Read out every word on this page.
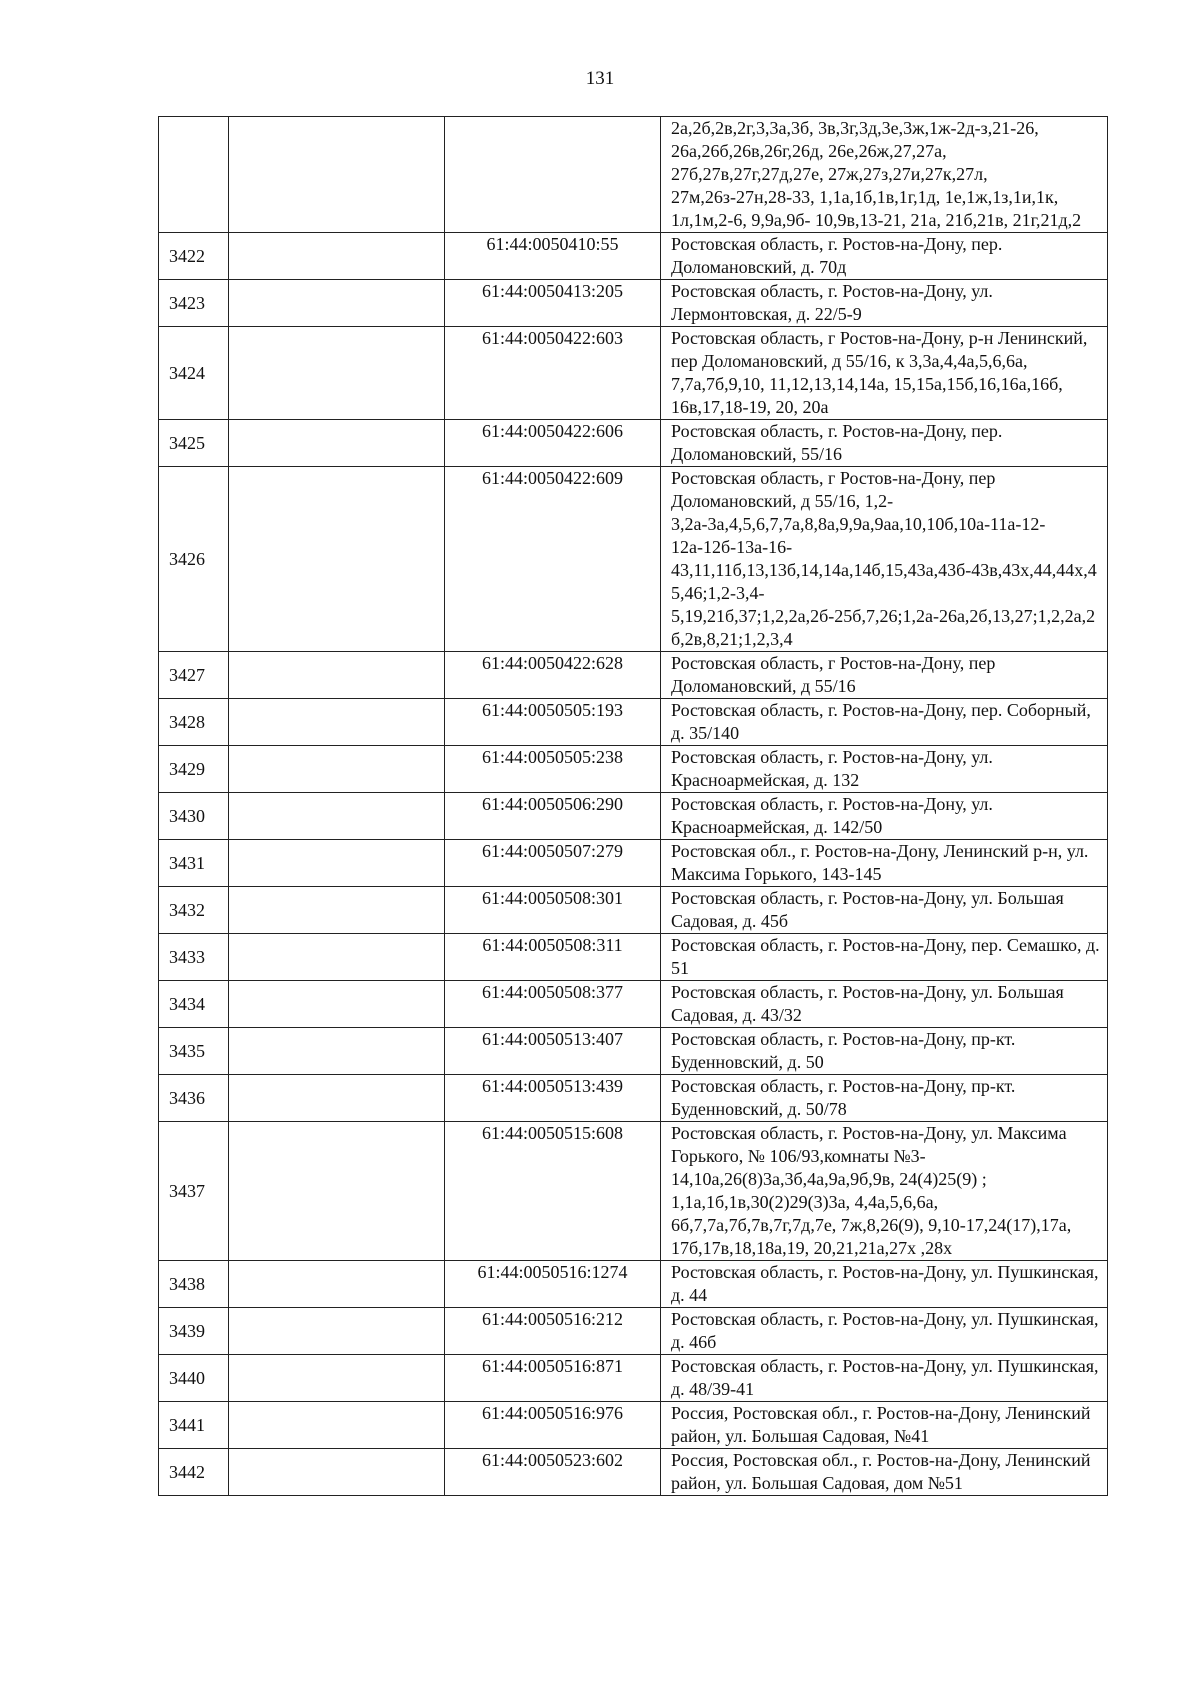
131
			2а,2б,2в,2г,3,3а,3б, 3в,3г,3д,3е,3ж,1ж-2д-з,21-26, 26а,26б,26в,26г,26д, 26е,26ж,27,27а, 27б,27в,27г,27д,27е, 27ж,27з,27и,27к,27л, 27м,26з-27н,28-33, 1,1а,1б,1в,1г,1д, 1е,1ж,1з,1и,1к, 1л,1м,2-6, 9,9а,9б- 10,9в,13-21, 21а, 21б,21в, 21г,21д,2
3422		61:44:0050410:55	Ростовская область, г. Ростов-на-Дону, пер. Доломановский, д. 70д
3423		61:44:0050413:205	Ростовская область, г. Ростов-на-Дону, ул. Лермонтовская, д. 22/5-9
3424		61:44:0050422:603	Ростовская область, г Ростов-на-Дону, р-н Ленинский, пер Доломановский, д 55/16, к 3,3а,4,4а,5,6,6а, 7,7а,7б,9,10, 11,12,13,14,14а, 15,15а,15б,16,16а,16б, 16в,17,18-19, 20, 20а
3425		61:44:0050422:606	Ростовская область, г. Ростов-на-Дону, пер. Доломановский, 55/16
3426		61:44:0050422:609	Ростовская область, г Ростов-на-Дону, пер Доломановский, д 55/16, 1,2-3,2а-3а,4,5,6,7,7а,8,8а,9,9а,9аа,10,10б,10а-11а-12-12а-12б-13а-16-43,11,11б,13,13б,14,14а,14б,15,43а,43б-43в,43х,44,44х,45,46;1,2-3,4-5,19,21б,37;1,2,2а,2б-25б,7,26;1,2а-26а,2б,13,27;1,2,2а,2б,2в,8,21;1,2,3,4
3427		61:44:0050422:628	Ростовская область, г Ростов-на-Дону, пер Доломановский, д 55/16
3428		61:44:0050505:193	Ростовская область, г. Ростов-на-Дону, пер. Соборный, д. 35/140
3429		61:44:0050505:238	Ростовская область, г. Ростов-на-Дону, ул. Красноармейская, д. 132
3430		61:44:0050506:290	Ростовская область, г. Ростов-на-Дону, ул. Красноармейская, д. 142/50
3431		61:44:0050507:279	Ростовская обл., г. Ростов-на-Дону, Ленинский р-н, ул. Максима Горького, 143-145
3432		61:44:0050508:301	Ростовская область, г. Ростов-на-Дону, ул. Большая Садовая, д. 45б
3433		61:44:0050508:311	Ростовская область, г. Ростов-на-Дону, пер. Семашко, д. 51
3434		61:44:0050508:377	Ростовская область, г. Ростов-на-Дону, ул. Большая Садовая, д. 43/32
3435		61:44:0050513:407	Ростовская область, г. Ростов-на-Дону, пр-кт. Буденновский, д. 50
3436		61:44:0050513:439	Ростовская область, г. Ростов-на-Дону, пр-кт. Буденновский, д. 50/78
3437		61:44:0050515:608	Ростовская область, г. Ростов-на-Дону, ул. Максима Горького, № 106/93,комнаты №3-14,10а,26(8)3а,3б,4а,9а,9б,9в, 24(4)25(9) ; 1,1а,1б,1в,30(2)29(3)3а, 4,4а,5,6,6а, 6б,7,7а,7б,7в,7г,7д,7е, 7ж,8,26(9), 9,10-17,24(17),17а, 17б,17в,18,18а,19, 20,21,21а,27х ,28х
3438		61:44:0050516:1274	Ростовская область, г. Ростов-на-Дону, ул. Пушкинская, д. 44
3439		61:44:0050516:212	Ростовская область, г. Ростов-на-Дону, ул. Пушкинская, д. 46б
3440		61:44:0050516:871	Ростовская область, г. Ростов-на-Дону, ул. Пушкинская, д. 48/39-41
3441		61:44:0050516:976	Россия, Ростовская обл., г. Ростов-на-Дону, Ленинский район, ул. Большая Садовая, №41
3442		61:44:0050523:602	Россия, Ростовская обл., г. Ростов-на-Дону, Ленинский район, ул. Большая Садовая, дом №51
